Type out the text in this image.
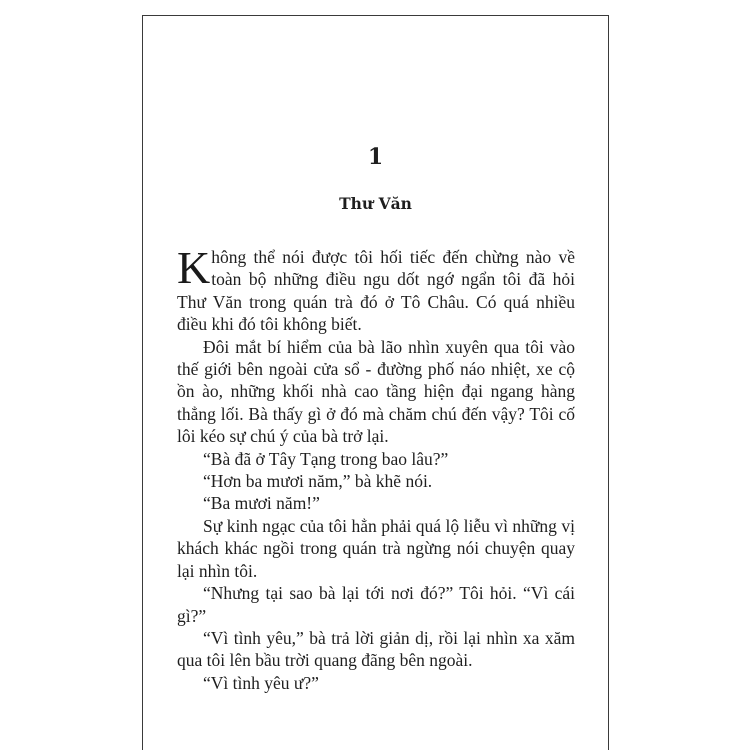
1
Thư Văn

Không thể nói được tôi hối tiếc đến chừng nào về toàn bộ những điều ngu dốt ngớ ngẩn tôi đã hỏi Thư Văn trong quán trà đó ở Tô Châu. Có quá nhiều điều khi đó tôi không biết.

Đôi mắt bí hiểm của bà lão nhìn xuyên qua tôi vào thế giới bên ngoài cửa sổ - đường phố náo nhiệt, xe cộ ồn ào, những khối nhà cao tầng hiện đại ngang hàng thẳng lối. Bà thấy gì ở đó mà chăm chú đến vậy? Tôi cố lôi kéo sự chú ý của bà trở lại.

“Bà đã ở Tây Tạng trong bao lâu?”

“Hơn ba mươi năm,” bà khẽ nói.

“Ba mươi năm!”

Sự kinh ngạc của tôi hẳn phải quá lộ liễu vì những vị khách khác ngồi trong quán trà ngừng nói chuyện quay lại nhìn tôi.

“Nhưng tại sao bà lại tới nơi đó?” Tôi hỏi. “Vì cái gì?”

“Vì tình yêu,” bà trả lời giản dị, rồi lại nhìn xa xăm qua tôi lên bầu trời quang đãng bên ngoài.

“Vì tình yêu ư?”
